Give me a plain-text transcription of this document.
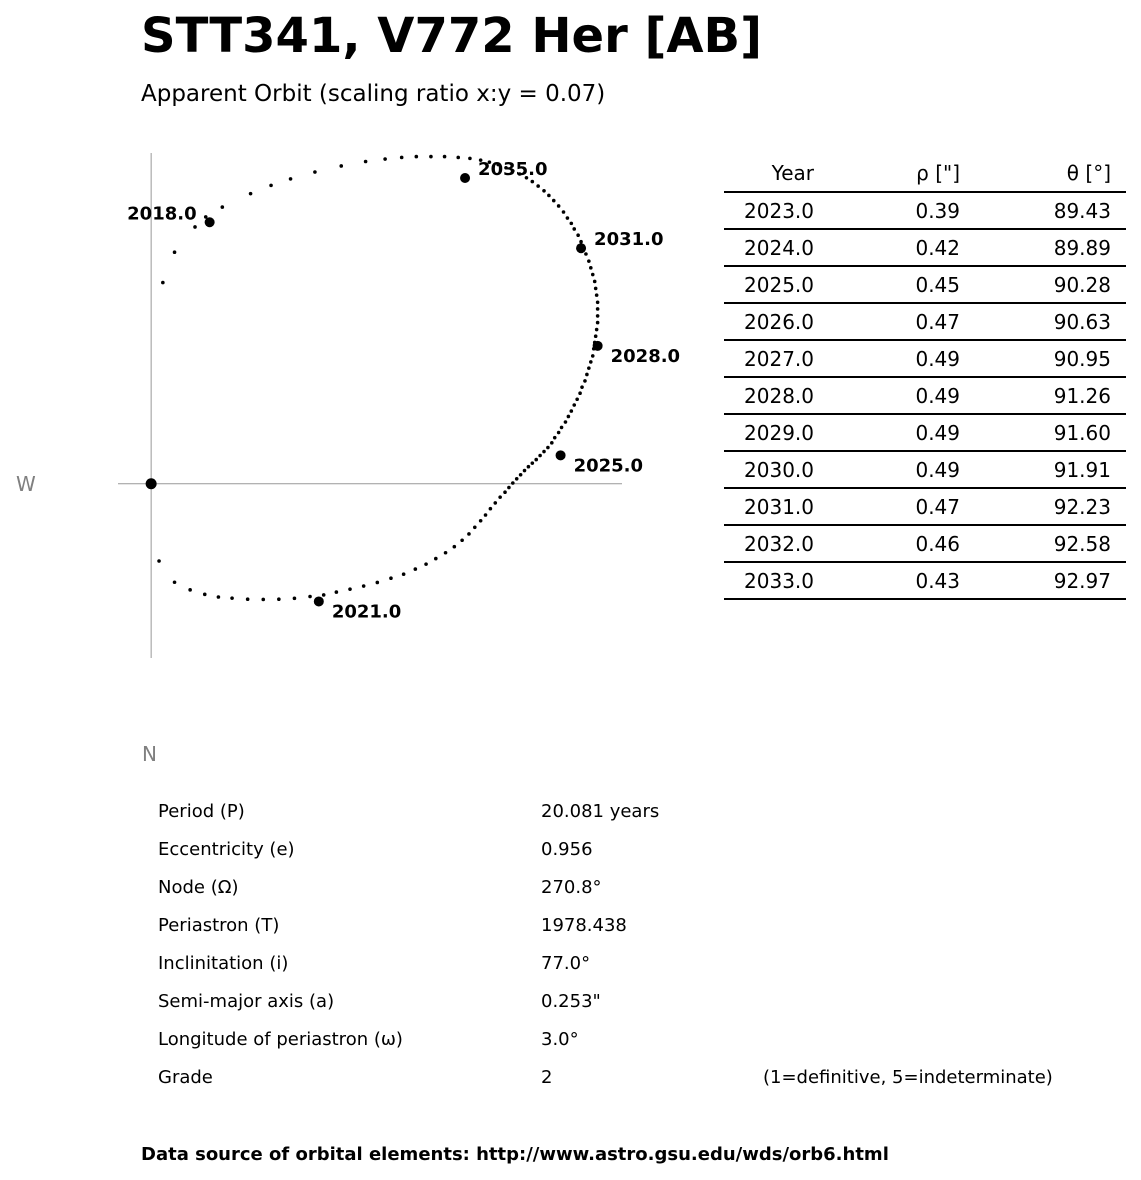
STT341, V772 Her [AB]
Apparent Orbit (scaling ratio x:y = 0.07)
2018.0
2021.0
2025.0
2028.0
2031.0
2035.0
W
N
Year	ρ ["]	θ [°]
2023.0	0.39	89.43
2024.0	0.42	89.89
2025.0	0.45	90.28
2026.0	0.47	90.63
2027.0	0.49	90.95
2028.0	0.49	91.26
2029.0	0.49	91.60
2030.0	0.49	91.91
2031.0	0.47	92.23
2032.0	0.46	92.58
2033.0	0.43	92.97
Period (P)	20.081 years
Eccentricity (e)	0.956
Node (Ω)	270.8°
Periastron (T)	1978.438
Inclinitation (i)	77.0°
Semi-major axis (a)	0.253"
Longitude of periastron (ω)	3.0°
Grade	2	(1=definitive, 5=indeterminate)
Data source of orbital elements: http://www.astro.gsu.edu/wds/orb6.html
